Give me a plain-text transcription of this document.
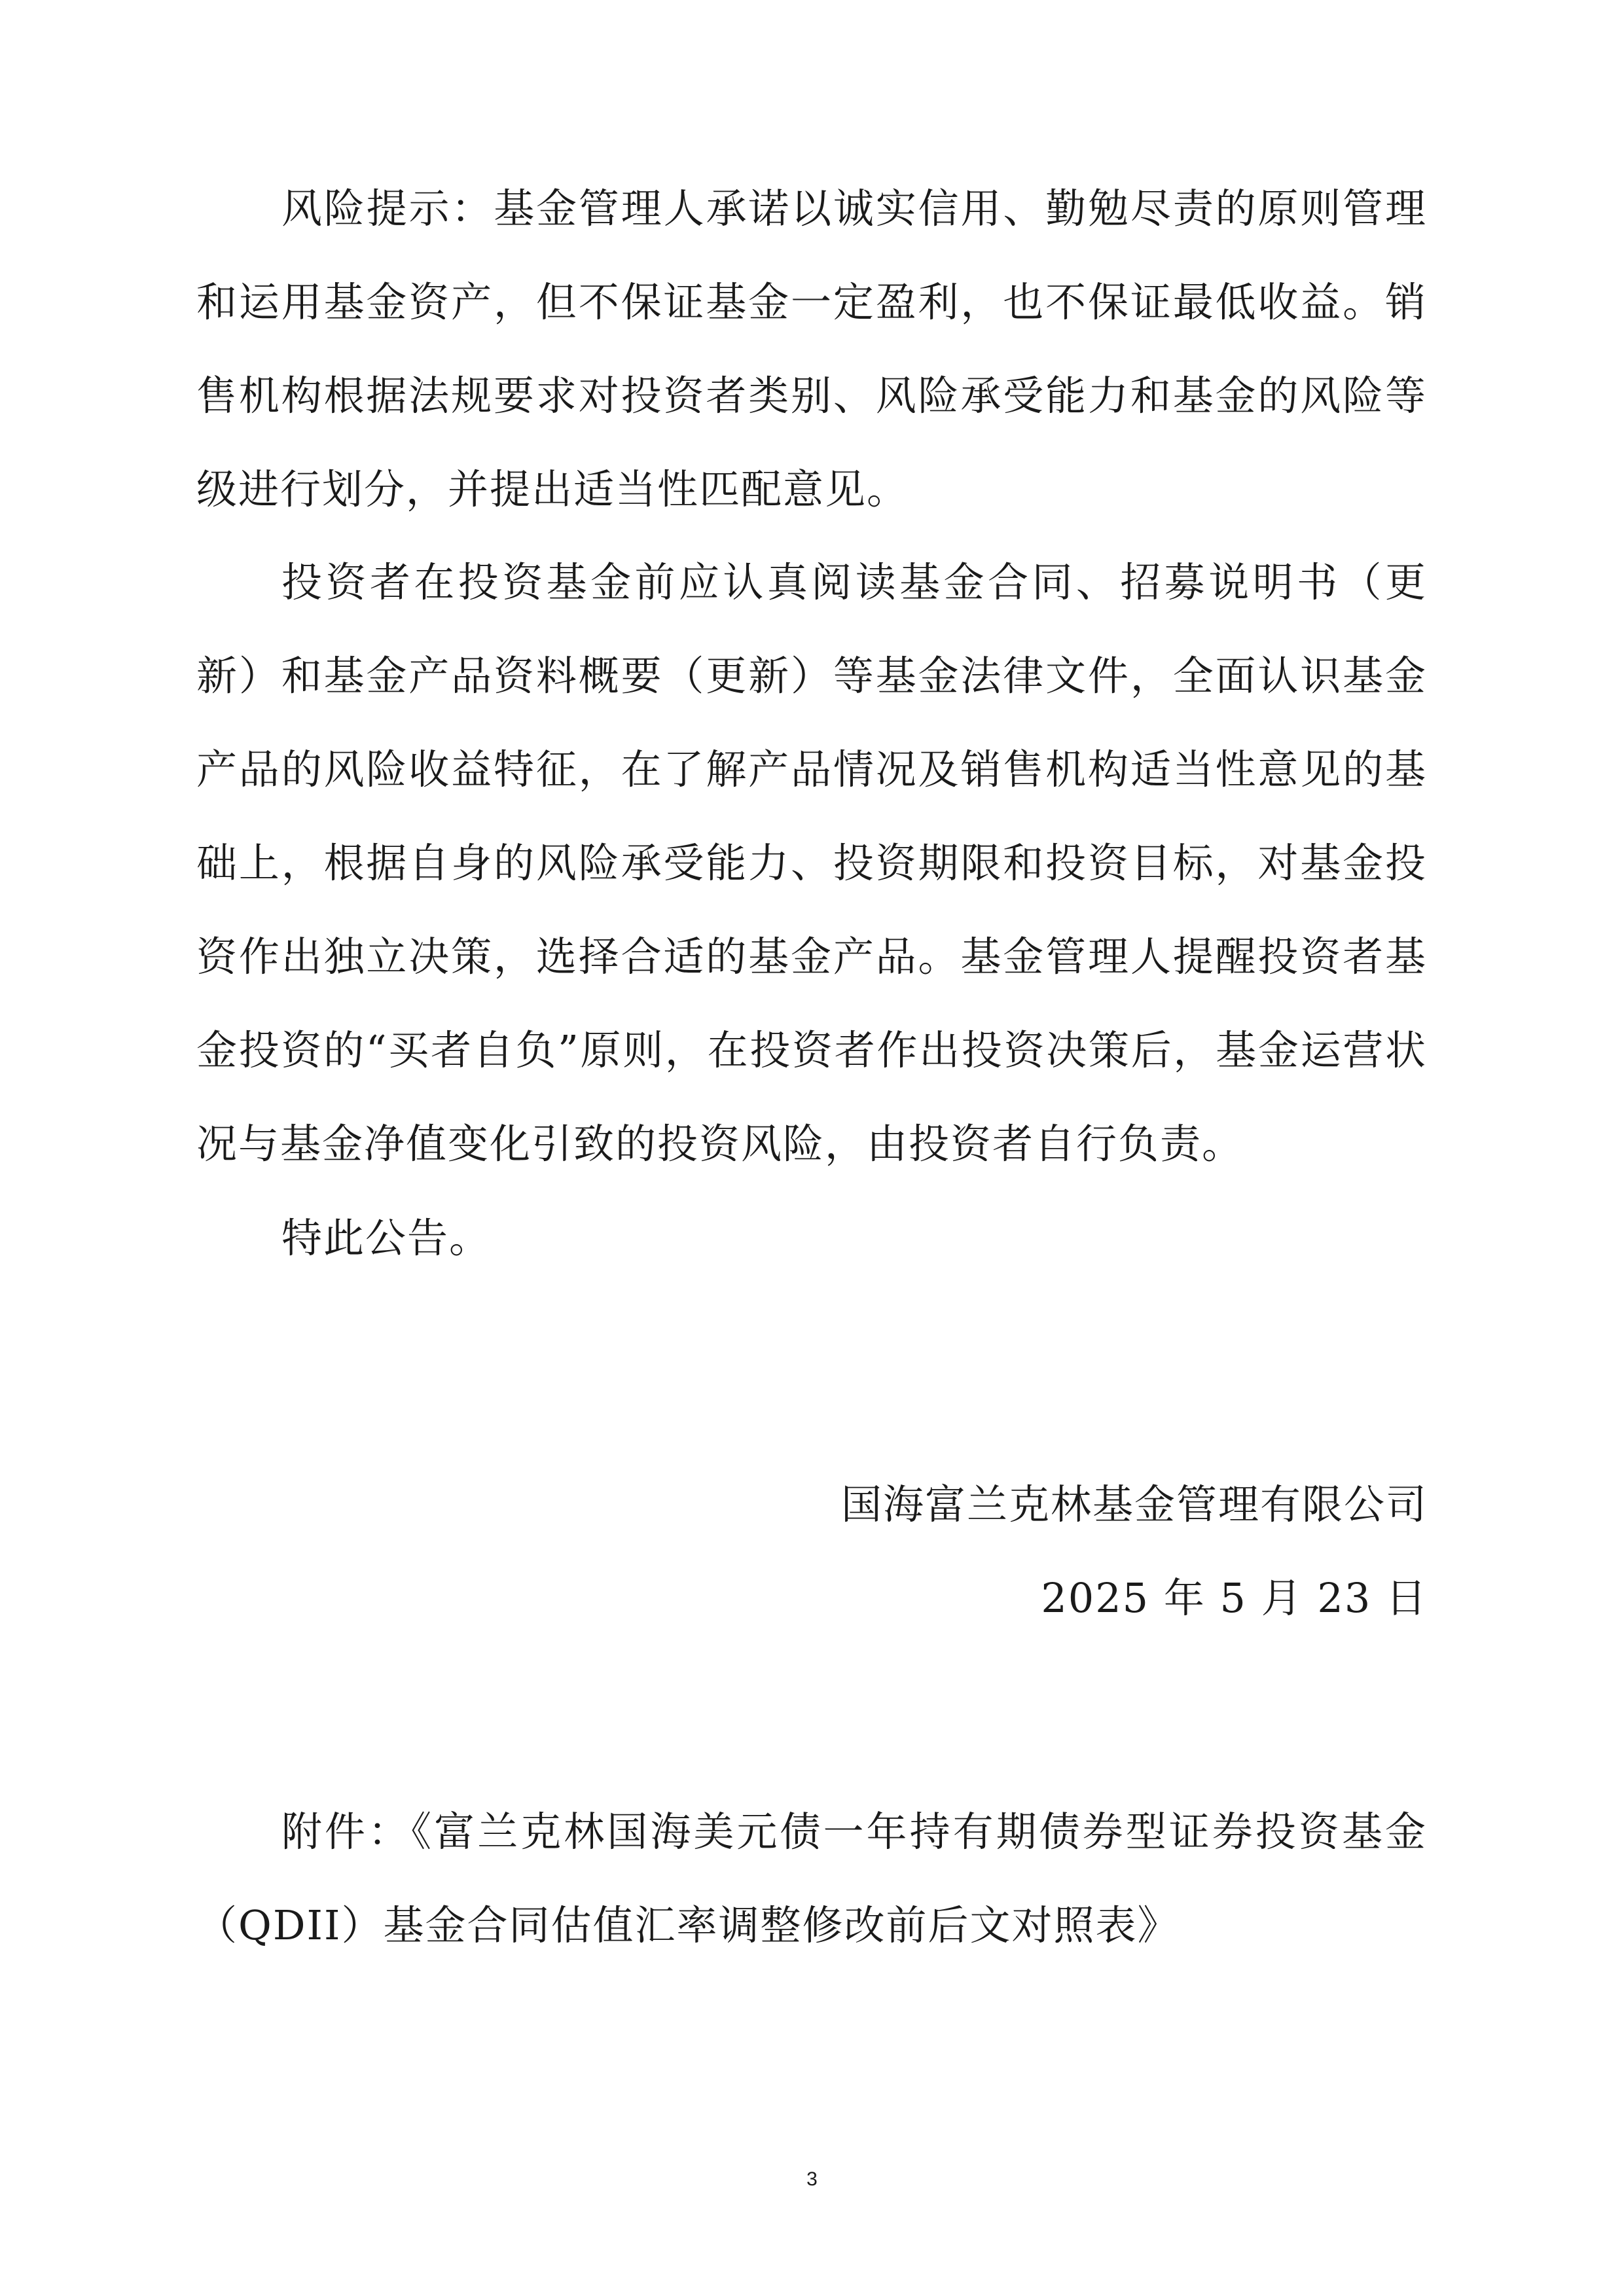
风险提示：基金管理人承诺以诚实信用、勤勉尽责的原则管理和运用基金资产，但不保证基金一定盈利，也不保证最低收益。销售机构根据法规要求对投资者类别、风险承受能力和基金的风险等级进行划分，并提出适当性匹配意见。

投资者在投资基金前应认真阅读基金合同、招募说明书（更新）和基金产品资料概要（更新）等基金法律文件，全面认识基金产品的风险收益特征，在了解产品情况及销售机构适当性意见的基础上，根据自身的风险承受能力、投资期限和投资目标，对基金投资作出独立决策，选择合适的基金产品。基金管理人提醒投资者基金投资的“买者自负”原则，在投资者作出投资决策后，基金运营状况与基金净值变化引致的投资风险，由投资者自行负责。

特此公告。

国海富兰克林基金管理有限公司

2025 年 5 月 23 日

附件：《富兰克林国海美元债一年持有期债券型证券投资基金（QDII）基金合同估值汇率调整修改前后文对照表》

3
